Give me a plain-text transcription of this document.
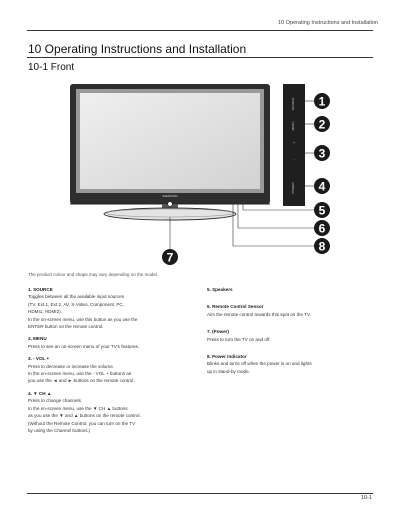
10 Operating Instructions and Installation
10 Operating Instructions and Installation
10-1 Front
SAMSUNG
SOURCE
MENU
+
-
POWER
1
2
3
4
5
6
8
7
The product colour and shape may vary depending on the model.
1. SOURCE
Toggles between all the available input sources
(TV, Ext.1, Ext.2, AV, S-Video, Component, PC,
HDMI1, HDMI2).
In the on-screen menu, use this button as you use the
ENTER button on the remote control.
2. MENU
Press to see an on-screen menu of your TV's features.
3. - VOL +
Press to decrease or increase the volume.
In the on-screen menu, use the - VOL + buttons as
you use the ◄ and ► buttons on the remote control.
4. ▼ CH ▲
Press to change channels.
In the on-screen menu, use the ▼ CH ▲ buttons
as you use the ▼ and ▲ buttons on the remote control.
(Without the Remote Control, you can turn on the TV
by using the Channel buttons.)
5. Speakers
6. Remote Control Sensor
Aim the remote control towards this spot on the TV.
7. (Power)
Press to turn the TV on and off.
8. Power Indicator
Blinks and turns off when the power is on and lights
up in stand-by mode.
10-1
